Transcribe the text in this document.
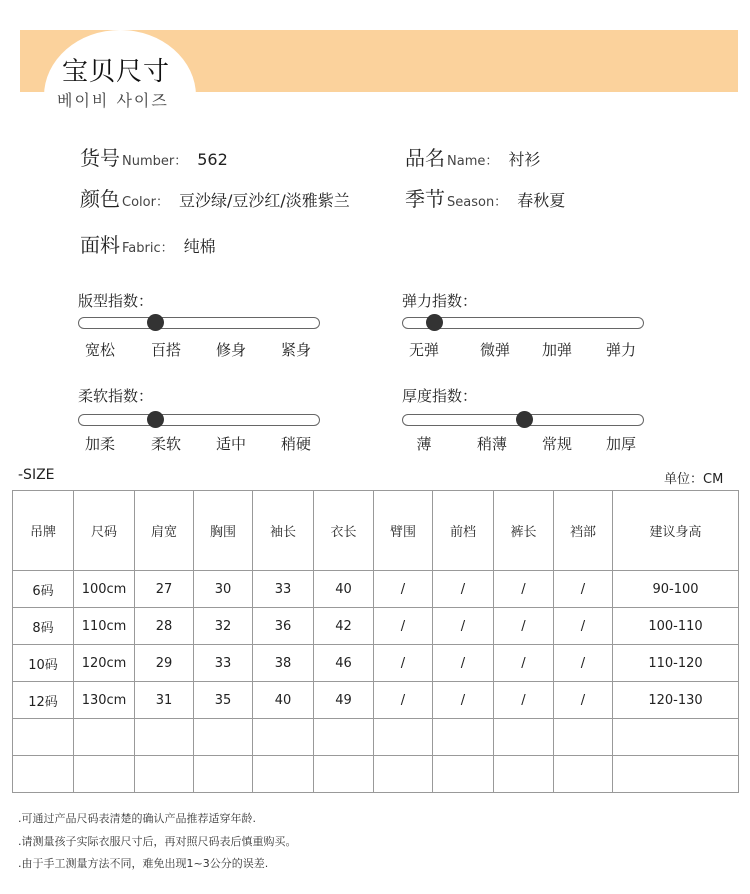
宝贝尺寸
베이비 사이즈
货号 Number： 562	品名 Name： 衬衫
颜色 Color： 豆沙绿/豆沙红/淡雅紫兰	季节 Season： 春秋夏
面料 Fabric： 纯棉
版型指数：
宽松	百搭	修身	紧身
弹力指数：
无弹	微弹	加弹	弹力
柔软指数：
加柔	柔软	适中	稍硬
厚度指数：
薄	稍薄	常规	加厚
-SIZE	单位：CM
吊牌	尺码	肩宽	胸围	袖长	衣长	臂围	前档	裤长	裆部	建议身高
6码	100cm	27	30	33	40	/	/	/	/	90-100
8码	110cm	28	32	36	42	/	/	/	/	100-110
10码	120cm	29	33	38	46	/	/	/	/	110-120
12码	130cm	31	35	40	49	/	/	/	/	120-130

.可通过产品尺码表清楚的确认产品推荐适穿年龄.
.请测量孩子实际衣服尺寸后，再对照尺码表后慎重购买。
.由于手工测量方法不同，难免出现1~3公分的误差.
